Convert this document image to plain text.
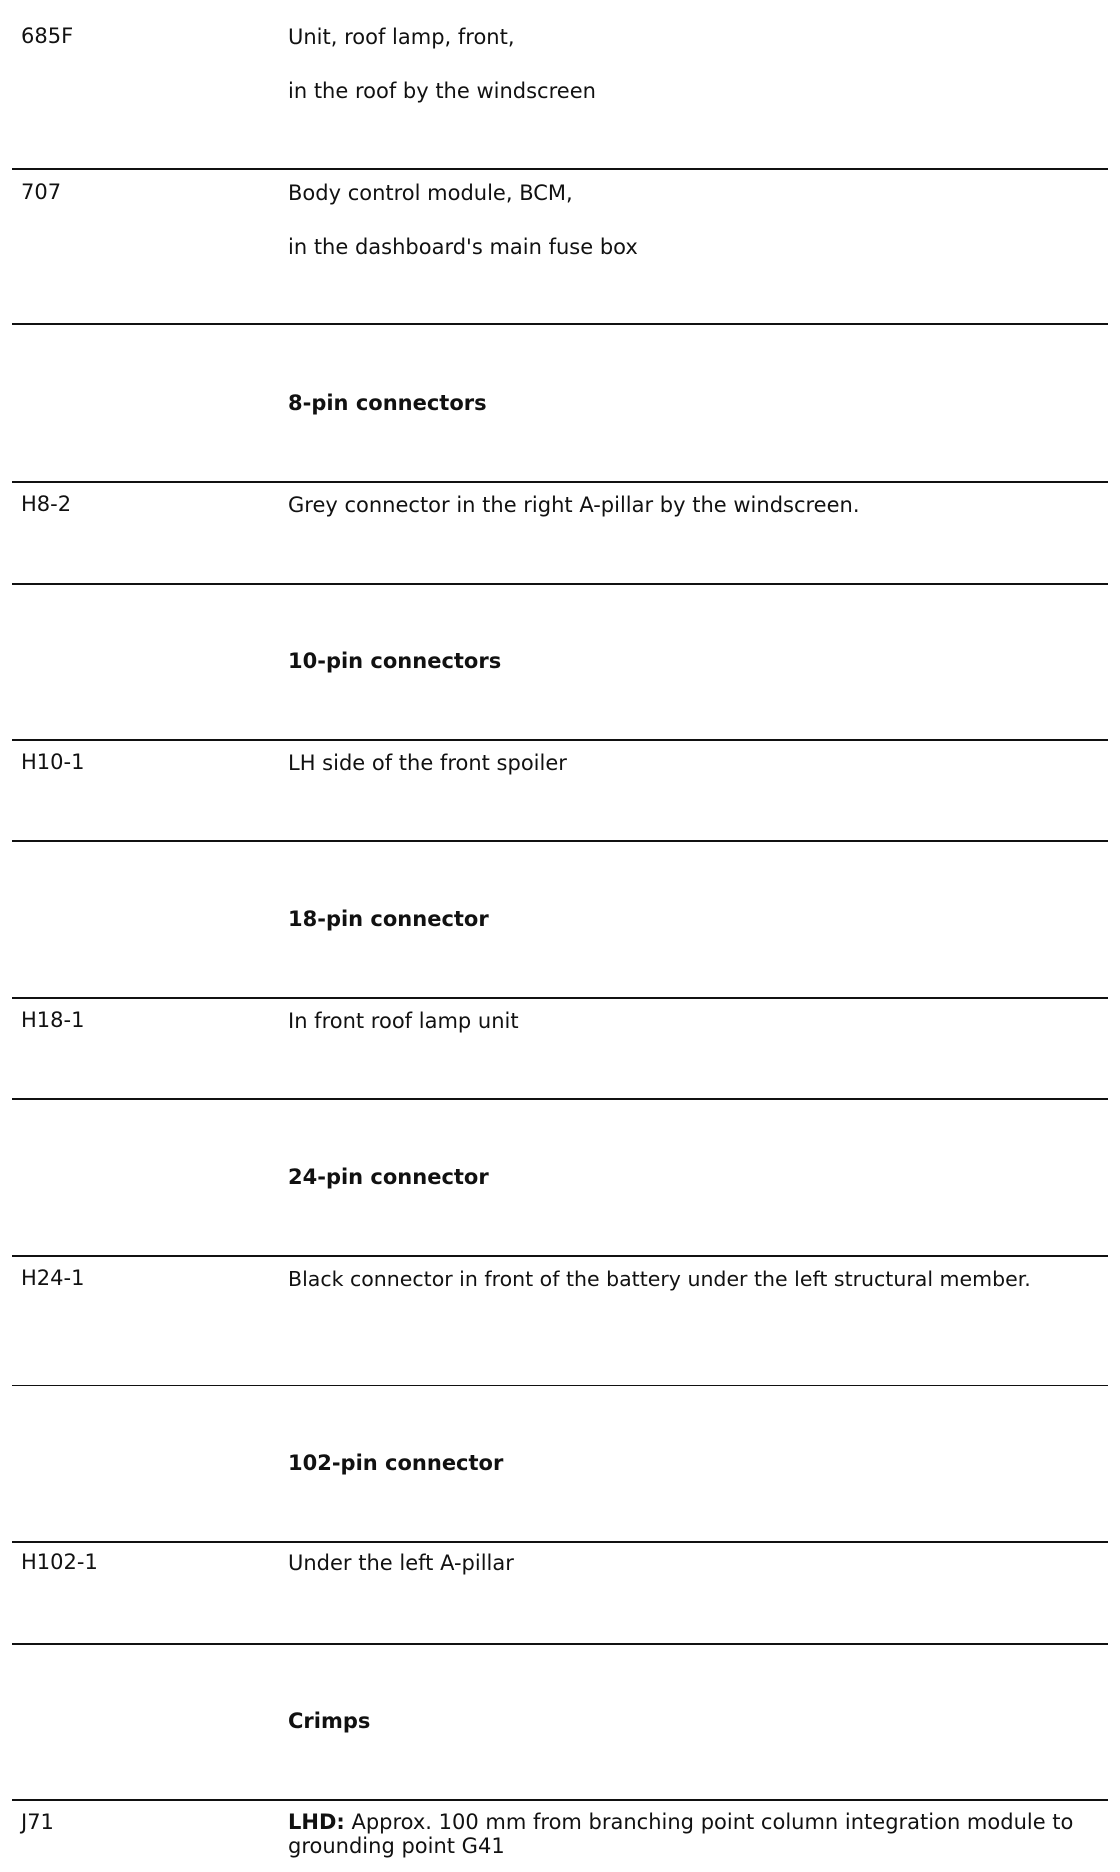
685F	Unit, roof lamp, front,

in the roof by the windscreen

707	Body control module, BCM,

in the dashboard's main fuse box

8-pin connectors

H8-2	Grey connector in the right A-pillar by the windscreen.

10-pin connectors

H10-1	LH side of the front spoiler

18-pin connector

H18-1	In front roof lamp unit

24-pin connector

H24-1	Black connector in front of the battery under the left structural member.

102-pin connector

H102-1	Under the left A-pillar

Crimps

J71	LHD: Approx. 100 mm from branching point column integration module to grounding point G41
